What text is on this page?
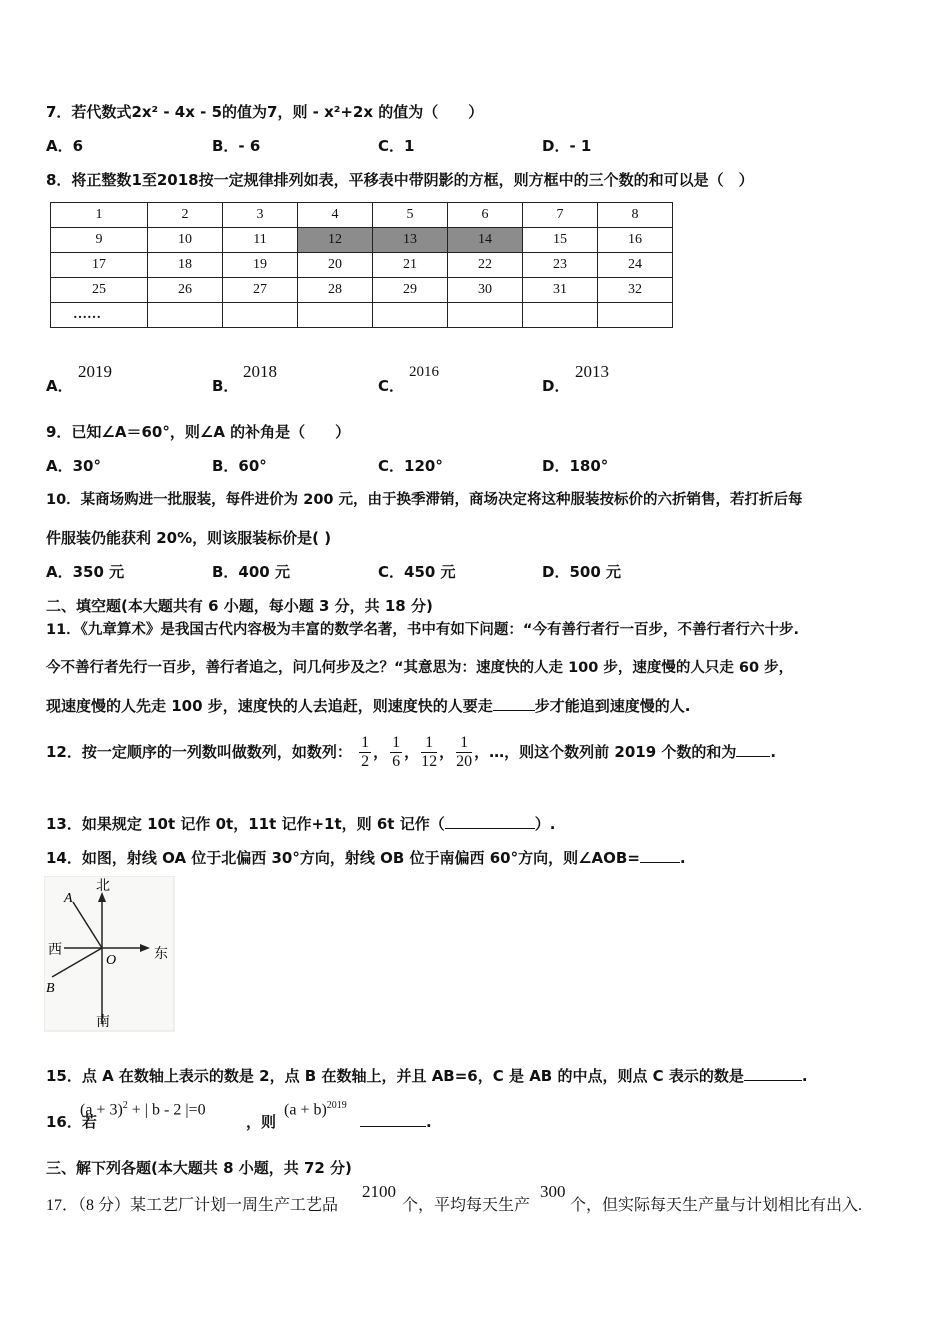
7．若代数式2x² - 4x - 5的值为7，则 - x²+2x 的值为（　　）
A．6	B．- 6	C．1	D．- 1
8．将正整数1至2018按一定规律排列如表，平移表中带阴影的方框，则方框中的三个数的和可以是（　）
1	2	3	4	5	6	7	8
9	10	11	12	13	14	15	16
17	18	19	20	21	22	23	24
25	26	27	28	29	30	31	32
……							
A．
2019
B．
2018
C．
2016
D．
2013
9．已知∠A＝60°，则∠A 的补角是（　　）
A．30°	B．60°	C．120°	D．180°
10．某商场购进一批服装，每件进价为 200 元，由于换季滞销，商场决定将这种服装按标价的六折销售，若打折后每
件服装仍能获利 20%，则该服装标价是( )
A．350 元	B．400 元	C．450 元	D．500 元
二、填空题(本大题共有 6 小题，每小题 3 分，共 18 分)
11．《九章算术》是我国古代内容极为丰富的数学名著，书中有如下问题：“今有善行者行一百步，不善行者行六十步.
今不善行者先行一百步，善行者追之，问几何步及之？“其意思为：速度快的人走 100 步，速度慢的人只走 60 步，
现速度慢的人先走 100 步，速度快的人去追赶，则速度快的人要走	步才能追到速度慢的人.
12．按一定顺序的一列数叫做数列，如数列： $\frac{1}{2}$ ， $\frac{1}{6}$ ， $\frac{1}{12}$ ， $\frac{1}{20}$ ，…，则这个数列前 2019 个数的和为 .
13．如果规定 10t 记作 0t，11t 记作+1t，则 6t 记作（	）.
14．如图，射线 OA 位于北偏西 30°方向，射线 OB 位于南偏西 60°方向，则∠AOB=	.
北
南
西	东
A
B
O
15．点 A 在数轴上表示的数是 2，点 B 在数轴上，并且 AB=6，C 是 AB 的中点，则点 C 表示的数是	.
16．若
$(a + 3)^2$ + | b - 2 |=0
，则
$(a + b)^{2019}$
.
三、解下列各题(本大题共 8 小题，共 72 分)
17．（8 分）某工艺厂计划一周生产工艺品
2100
个，平均每天生产
300
个，但实际每天生产量与计划相比有出入.
